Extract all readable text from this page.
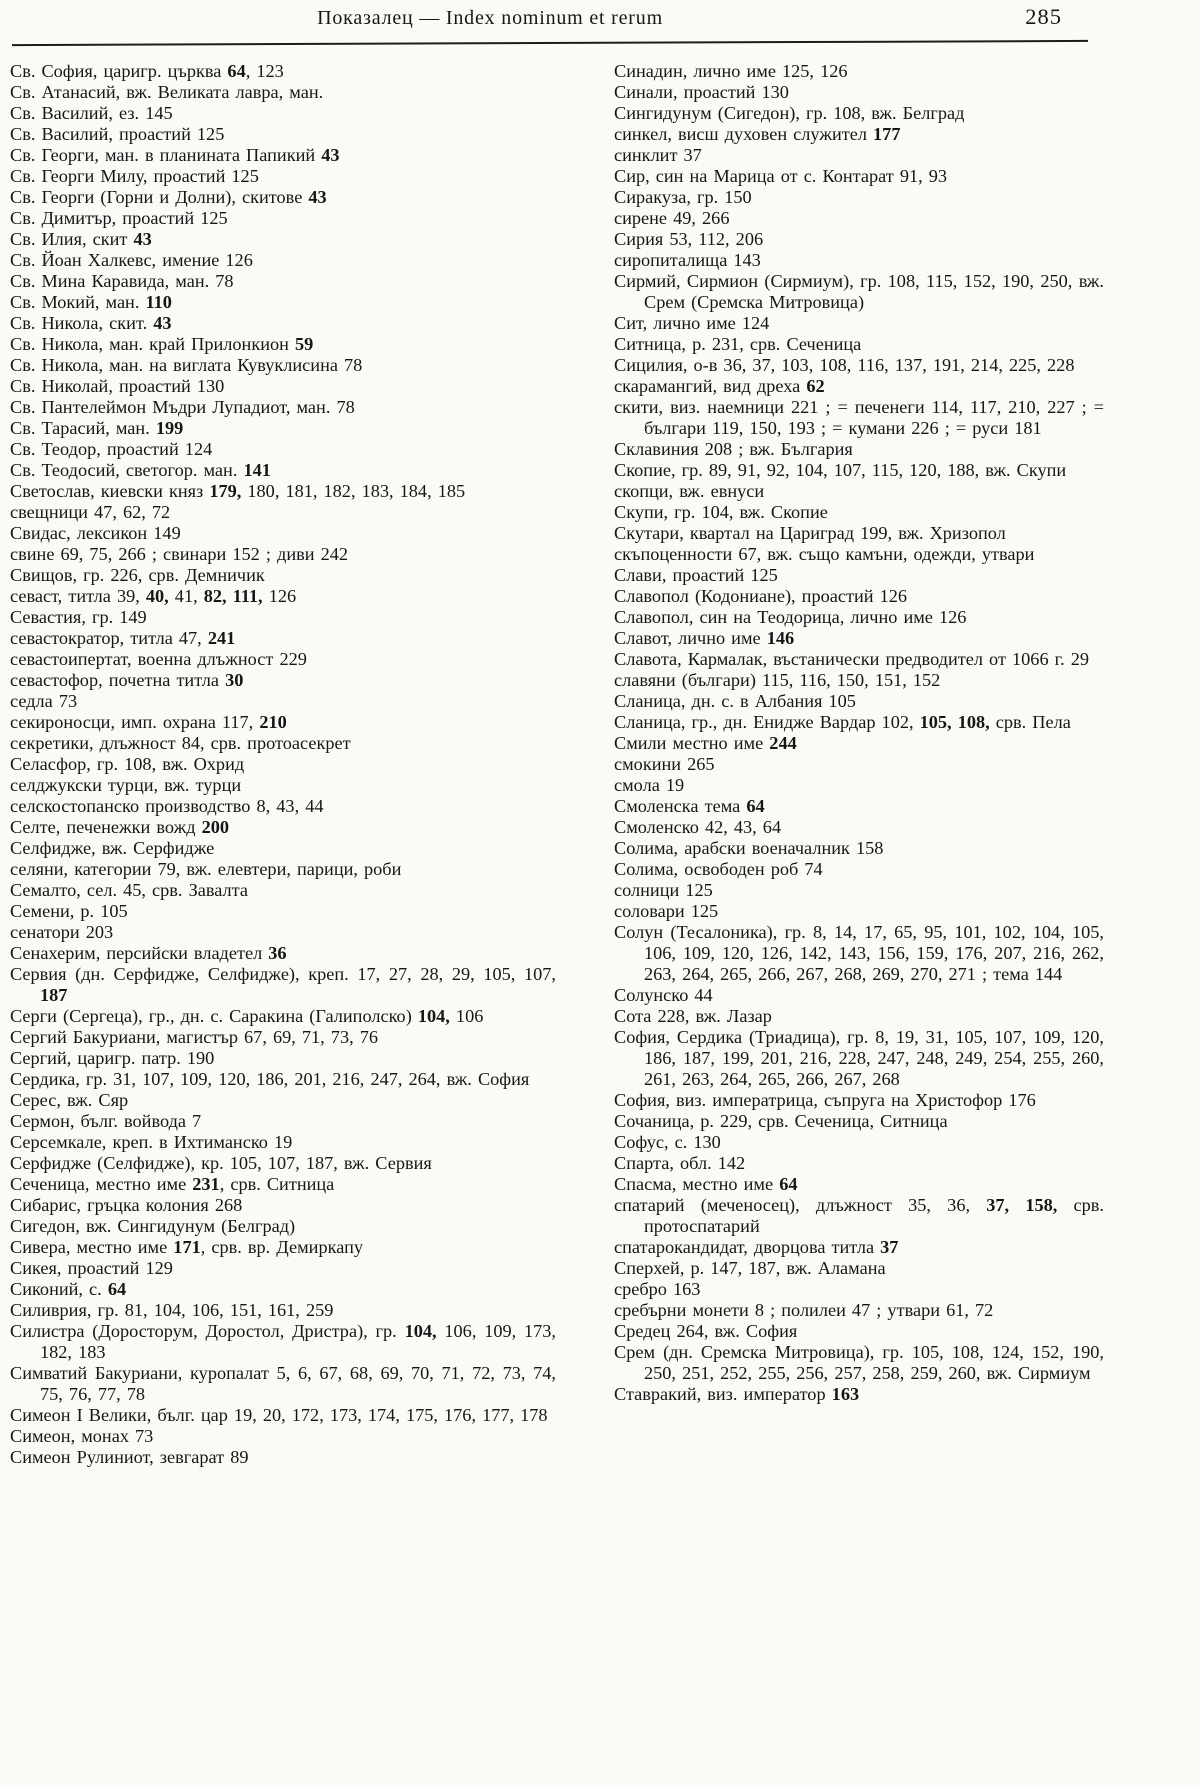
Показалец — Index nominum et rerum	285
Св. София, царигр. църква 64, 123
Св. Атанасий, вж. Великата лавра, ман.
Св. Василий, ез. 145
Св. Василий, проастий 125
Св. Георги, ман. в планината Папикий 43
Св. Георги Милу, проастий 125
Св. Георги (Горни и Долни), скитове 43
Св. Димитър, проастий 125
Св. Илия, скит 43
Св. Йоан Халкевс, имение 126
Св. Мина Каравида, ман. 78
Св. Мокий, ман. 110
Св. Никола, скит. 43
Св. Никола, ман. край Прилонкион 59
Св. Никола, ман. на виглата Кувуклисина 78
Св. Николай, проастий 130
Св. Пантелеймон Мъдри Лупадиот, ман. 78
Св. Тарасий, ман. 199
Св. Теодор, проастий 124
Св. Теодосий, светогор. ман. 141
Светослав, киевски княз 179, 180, 181, 182, 183, 184, 185
свещници 47, 62, 72
Свидас, лексикон 149
свине 69, 75, 266 ; свинари 152 ; диви 242
Свищов, гр. 226, срв. Демничик
севаст, титла 39, 40, 41, 82, 111, 126
Севастия, гр. 149
севастократор, титла 47, 241
севастоипертат, военна длъжност 229
севастофор, почетна титла 30
седла 73
секироносци, имп. охрана 117, 210
секретики, длъжност 84, срв. протоасекрет
Селасфор, гр. 108, вж. Охрид
селджукски турци, вж. турци
селскостопанско производство 8, 43, 44
Селте, печенежки вожд 200
Селфидже, вж. Серфидже
селяни, категории 79, вж. елевтери, парици, роби
Семалто, сел. 45, срв. Завалта
Семени, р. 105
сенатори 203
Сенахерим, персийски владетел 36
Сервия (дн. Серфидже, Селфидже), креп. 17, 27, 28, 29, 105, 107, 187
Серги (Сергеца), гр., дн. с. Саракина (Галиполско) 104, 106
Сергий Бакуриани, магистър 67, 69, 71, 73, 76
Сергий, царигр. патр. 190
Сердика, гр. 31, 107, 109, 120, 186, 201, 216, 247, 264, вж. София
Серес, вж. Сяр
Сермон, бълг. войвода 7
Серсемкале, креп. в Ихтиманско 19
Серфидже (Селфидже), кр. 105, 107, 187, вж. Сервия
Сеченица, местно име 231, срв. Ситница
Сибарис, гръцка колония 268
Сигедон, вж. Сингидунум (Белград)
Сивера, местно име 171, срв. вр. Демиркапу
Сикея, проастий 129
Сиконий, с. 64
Силиврия, гр. 81, 104, 106, 151, 161, 259
Силистра (Доросторум, Доростол, Дристра), гр. 104, 106, 109, 173, 182, 183
Симватий Бакуриани, куропалат 5, 6, 67, 68, 69, 70, 71, 72, 73, 74, 75, 76, 77, 78
Симеон I Велики, бълг. цар 19, 20, 172, 173, 174, 175, 176, 177, 178
Симеон, монах 73
Симеон Рулиниот, зевгарат 89
Синадин, лично име 125, 126
Синали, проастий 130
Сингидунум (Сигедон), гр. 108, вж. Белград
синкел, висш духовен служител 177
синклит 37
Сир, син на Марица от с. Контарат 91, 93
Сиракуза, гр. 150
сирене 49, 266
Сирия 53, 112, 206
сиропиталища 143
Сирмий, Сирмион (Сирмиум), гр. 108, 115, 152, 190, 250, вж. Срем (Сремска Митровица)
Сит, лично име 124
Ситница, р. 231, срв. Сеченица
Сицилия, о-в 36, 37, 103, 108, 116, 137, 191, 214, 225, 228
скарамангий, вид дреха 62
скити, виз. наемници 221 ; = печенеги 114, 117, 210, 227 ; = българи 119, 150, 193 ; = кумани 226 ; = руси 181
Склавиния 208 ; вж. България
Скопие, гр. 89, 91, 92, 104, 107, 115, 120, 188, вж. Скупи
скопци, вж. евнуси
Скупи, гр. 104, вж. Скопие
Скутари, квартал на Цариград 199, вж. Хризопол
скъпоценности 67, вж. също камъни, одежди, утвари
Слави, проастий 125
Славопол (Кодониане), проастий 126
Славопол, син на Теодорица, лично име 126
Славот, лично име 146
Славота, Кармалак, въстанически предводител от 1066 г. 29
славяни (българи) 115, 116, 150, 151, 152
Сланица, дн. с. в Албания 105
Сланица, гр., дн. Енидже Вардар 102, 105, 108, срв. Пела
Смили местно име 244
смокини 265
смола 19
Смоленска тема 64
Смоленско 42, 43, 64
Солима, арабски военачалник 158
Солима, освободен роб 74
солници 125
соловари 125
Солун (Тесалоника), гр. 8, 14, 17, 65, 95, 101, 102, 104, 105, 106, 109, 120, 126, 142, 143, 156, 159, 176, 207, 216, 262, 263, 264, 265, 266, 267, 268, 269, 270, 271 ; тема 144
Солунско 44
Сота 228, вж. Лазар
София, Сердика (Триадица), гр. 8, 19, 31, 105, 107, 109, 120, 186, 187, 199, 201, 216, 228, 247, 248, 249, 254, 255, 260, 261, 263, 264, 265, 266, 267, 268
София, виз. императрица, съпруга на Христофор 176
Сочаница, р. 229, срв. Сеченица, Ситница
Софус, с. 130
Спарта, обл. 142
Спасма, местно име 64
спатарий (меченосец), длъжност 35, 36, 37, 158, срв. протоспатарий
спатарокандидат, дворцова титла 37
Сперхей, р. 147, 187, вж. Аламана
сребро 163
сребърни монети 8 ; полилеи 47 ; утвари 61, 72
Средец 264, вж. София
Срем (дн. Сремска Митровица), гр. 105, 108, 124, 152, 190, 250, 251, 252, 255, 256, 257, 258, 259, 260, вж. Сирмиум
Ставракий, виз. император 163
